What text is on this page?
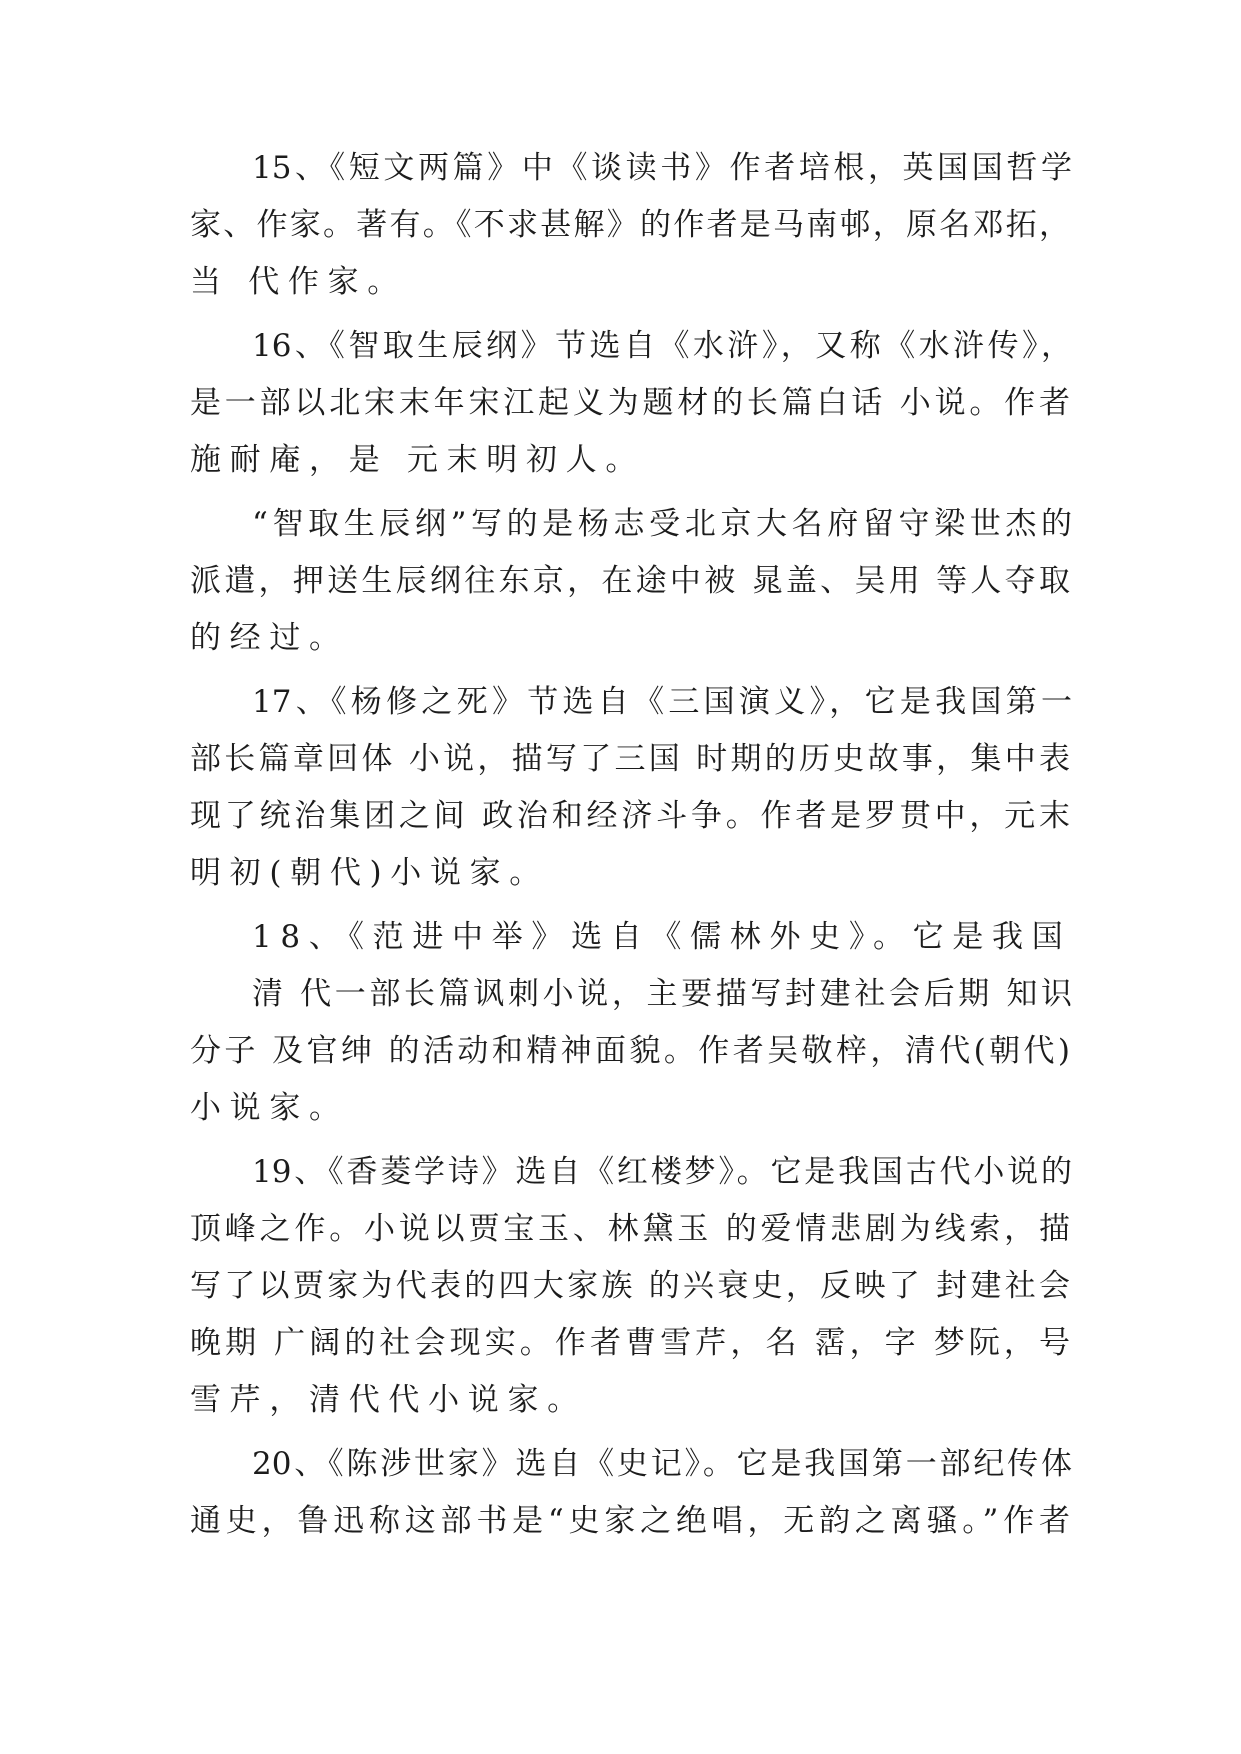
15、《短文两篇》中《谈读书》作者培根，英国国哲学
家、作家。著有。《不求甚解》的作者是马南邨，原名邓拓，
当 代作家。
16、《智取生辰纲》节选自《水浒》，又称《水浒传》，
是一部以北宋末年宋江起义为题材的长篇白话 小说。作者
施耐庵，是 元末明初人。
“智取生辰纲”写的是杨志受北京大名府留守梁世杰的
派遣，押送生辰纲往东京，在途中被 晁盖、吴用 等人夺取
的经过。
17、《杨修之死》节选自《三国演义》，它是我国第一
部长篇章回体 小说，描写了三国 时期的历史故事，集中表
现了统治集团之间 政治和经济斗争。作者是罗贯中，元末
明初(朝代)小说家。
18、《范进中举》选自《儒林外史》。它是我国
清 代一部长篇讽刺小说，主要描写封建社会后期 知识
分子 及官绅 的活动和精神面貌。作者吴敬梓，清代(朝代)
小说家。
19、《香菱学诗》选自《红楼梦》。它是我国古代小说的
顶峰之作。小说以贾宝玉、林黛玉 的爱情悲剧为线索，描
写了以贾家为代表的四大家族 的兴衰史，反映了 封建社会
晚期 广阔的社会现实。作者曹雪芹，名 霑，字 梦阮，号
雪芹，清代代小说家。
20、《陈涉世家》选自《史记》。它是我国第一部纪传体
通史，鲁迅称这部书是“史家之绝唱，无韵之离骚。”作者
